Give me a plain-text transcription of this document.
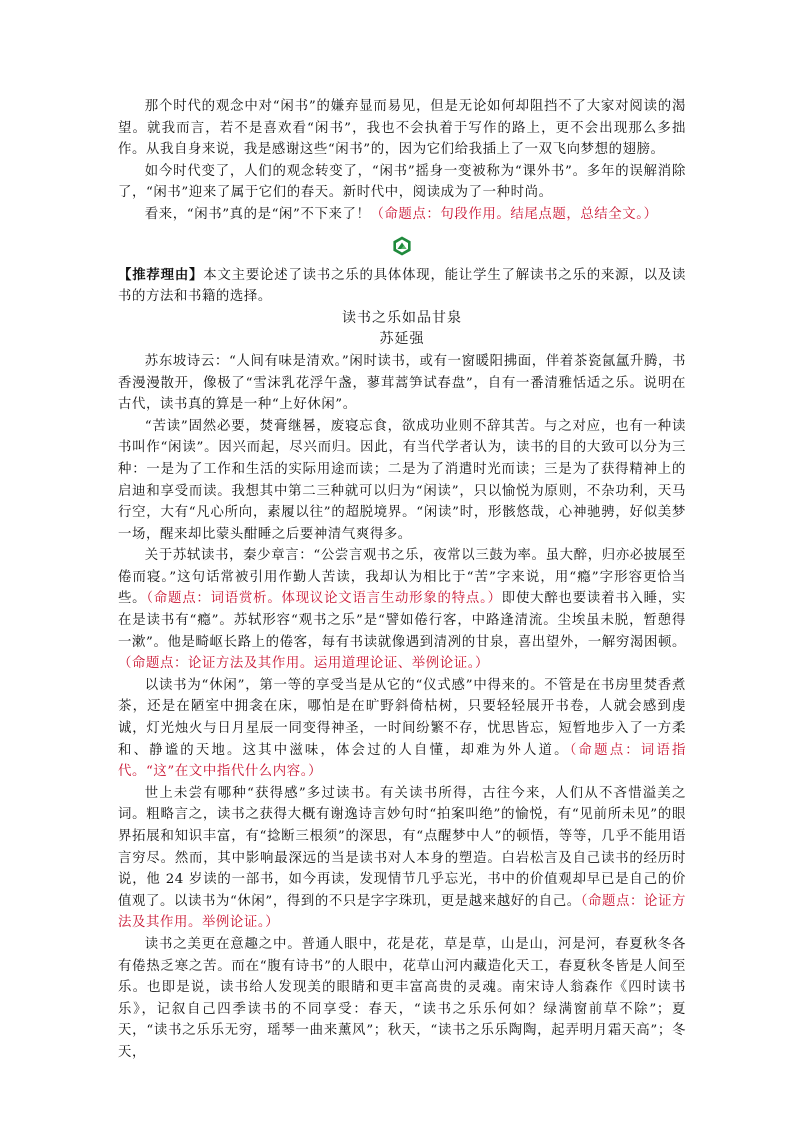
那个时代的观念中对“闲书”的嫌弃显而易见，但是无论如何却阻挡不了大家对阅读的渴望。就我而言，若不是喜欢看“闲书”，我也不会执着于写作的路上，更不会出现那么多拙作。从我自身来说，我是感谢这些“闲书”的，因为它们给我插上了一双飞向梦想的翅膀。

如今时代变了，人们的观念转变了，“闲书”摇身一变被称为“课外书”。多年的误解消除了，“闲书”迎来了属于它们的春天。新时代中，阅读成为了一种时尚。

看来，“闲书”真的是“闲”不下来了！（命题点：句段作用。结尾点题，总结全文。）

【推荐理由】本文主要论述了读书之乐的具体体现，能让学生了解读书之乐的来源，以及读书的方法和书籍的选择。

读书之乐如品甘泉

苏延强

苏东坡诗云：“人间有味是清欢。”闲时读书，或有一窗暖阳拂面，伴着茶瓷氤氲升腾，书香漫漫散开，像极了“雪沫乳花浮午盏，蓼茸蒿笋试春盘”，自有一番清雅恬适之乐。说明在古代，读书真的算是一种“上好休闲”。

“苦读”固然必要，焚膏继晷，废寝忘食，欲成功业则不辞其苦。与之对应，也有一种读书叫作“闲读”。因兴而起，尽兴而归。因此，有当代学者认为，读书的目的大致可以分为三种：一是为了工作和生活的实际用途而读；二是为了消遣时光而读；三是为了获得精神上的启迪和享受而读。我想其中第二三种就可以归为“闲读”，只以愉悦为原则，不杂功利，天马行空，大有“凡心所向，素履以往”的超脱境界。“闲读”时，形骸悠哉，心神驰骋，好似美梦一场，醒来却比蒙头酣睡之后要神清气爽得多。

关于苏轼读书，秦少章言：“公尝言观书之乐，夜常以三鼓为率。虽大醉，归亦必披展至倦而寝。”这句话常被引用作勤人苦读，我却认为相比于“苦”字来说，用“瘾”字形容更恰当些。（命题点：词语赏析。体现议论文语言生动形象的特点。）即使大醉也要读着书入睡，实在是读书有“瘾”。苏轼形容“观书之乐”是“譬如倦行客，中路逢清流。尘埃虽未脱，暂憩得一漱”。他是畸岖长路上的倦客，每有书读就像遇到清冽的甘泉，喜出望外，一解穷渴困顿。（命题点：论证方法及其作用。运用道理论证、举例论证。）

以读书为“休闲”，第一等的享受当是从它的“仪式感”中得来的。不管是在书房里焚香煮茶，还是在陋室中拥衾在床，哪怕是在旷野斜倚枯树，只要轻轻展开书卷，人就会感到虔诚，灯光烛火与日月星辰一同变得神圣，一时间纷繁不存，忧思皆忘，短暂地步入了一方柔和、静谧的天地。这其中滋味，体会过的人自懂，却难为外人道。（命题点：词语指代。“这”在文中指代什么内容。）

世上未尝有哪种“获得感”多过读书。有关读书所得，古往今来，人们从不吝惜溢美之词。粗略言之，读书之获得大概有谢逸诗言妙句时“拍案叫绝”的愉悦，有“见前所未见”的眼界拓展和知识丰富，有“捻断三根须”的深思，有“点醒梦中人”的顿悟，等等，几乎不能用语言穷尽。然而，其中影响最深远的当是读书对人本身的塑造。白岩松言及自己读书的经历时说，他 24 岁读的一部书，如今再读，发现情节几乎忘光，书中的价值观却早已是自己的价值观了。以读书为“休闲”，得到的不只是字字珠玑，更是越来越好的自己。（命题点：论证方法及其作用。举例论证。）

读书之美更在意趣之中。普通人眼中，花是花，草是草，山是山，河是河，春夏秋冬各有倦热乏寒之苦。而在“腹有诗书”的人眼中，花草山河内藏造化天工，春夏秋冬皆是人间至乐。也即是说，读书给人发现美的眼睛和更丰富高贵的灵魂。南宋诗人翁森作《四时读书乐》，记叙自己四季读书的不同享受：春天，“读书之乐乐何如？绿满窗前草不除”；夏天，“读书之乐乐无穷，瑶琴一曲来薰风”；秋天，“读书之乐乐陶陶，起弄明月霜天高”；冬天，
